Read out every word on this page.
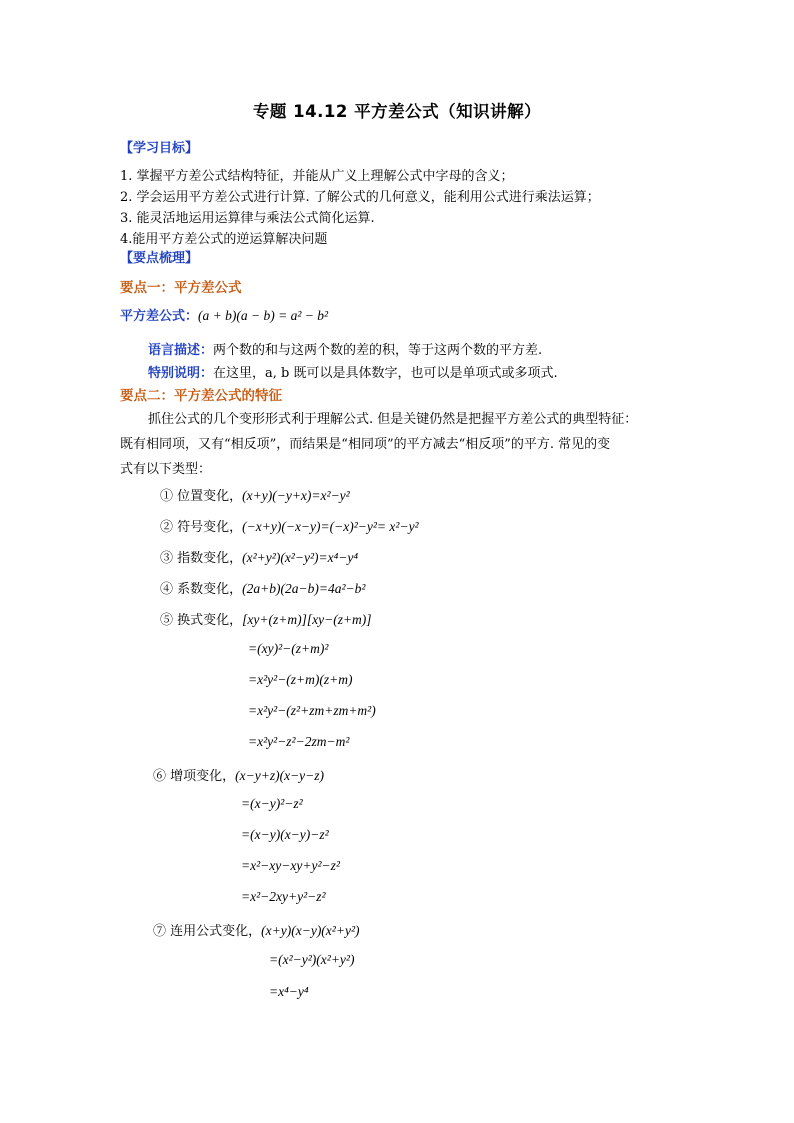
专题 14.12 平方差公式（知识讲解）
【学习目标】
1. 掌握平方差公式结构特征，并能从广义上理解公式中字母的含义；
2. 学会运用平方差公式进行计算. 了解公式的几何意义，能利用公式进行乘法运算；
3. 能灵活地运用运算律与乘法公式简化运算.
4.能用平方差公式的逆运算解决问题
【要点梳理】
要点一：平方差公式
平方差公式：(a + b)(a − b) = a² − b²
语言描述：两个数的和与这两个数的差的积，等于这两个数的平方差.
特别说明：在这里，a, b 既可以是具体数字，也可以是单项式或多项式.
要点二：平方差公式的特征
抓住公式的几个变形形式利于理解公式. 但是关键仍然是把握平方差公式的典型特征：
既有相同项，又有“相反项”，而结果是“相同项”的平方减去“相反项”的平方. 常见的变
式有以下类型：
① 位置变化，(x+y)(−y+x)=x²−y²
② 符号变化，(−x+y)(−x−y)=(−x)²−y²= x²−y²
③ 指数变化，(x²+y²)(x²−y²)=x⁴−y⁴
④ 系数变化，(2a+b)(2a−b)=4a²−b²
⑤ 换式变化，[xy+(z+m)][xy−(z+m)]
=(xy)²−(z+m)²
=x²y²−(z+m)(z+m)
=x²y²−(z²+zm+zm+m²)
=x²y²−z²−2zm−m²
⑥ 增项变化，(x−y+z)(x−y−z)
=(x−y)²−z²
=(x−y)(x−y)−z²
=x²−xy−xy+y²−z²
=x²−2xy+y²−z²
⑦ 连用公式变化，(x+y)(x−y)(x²+y²)
=(x²−y²)(x²+y²)
=x⁴−y⁴
